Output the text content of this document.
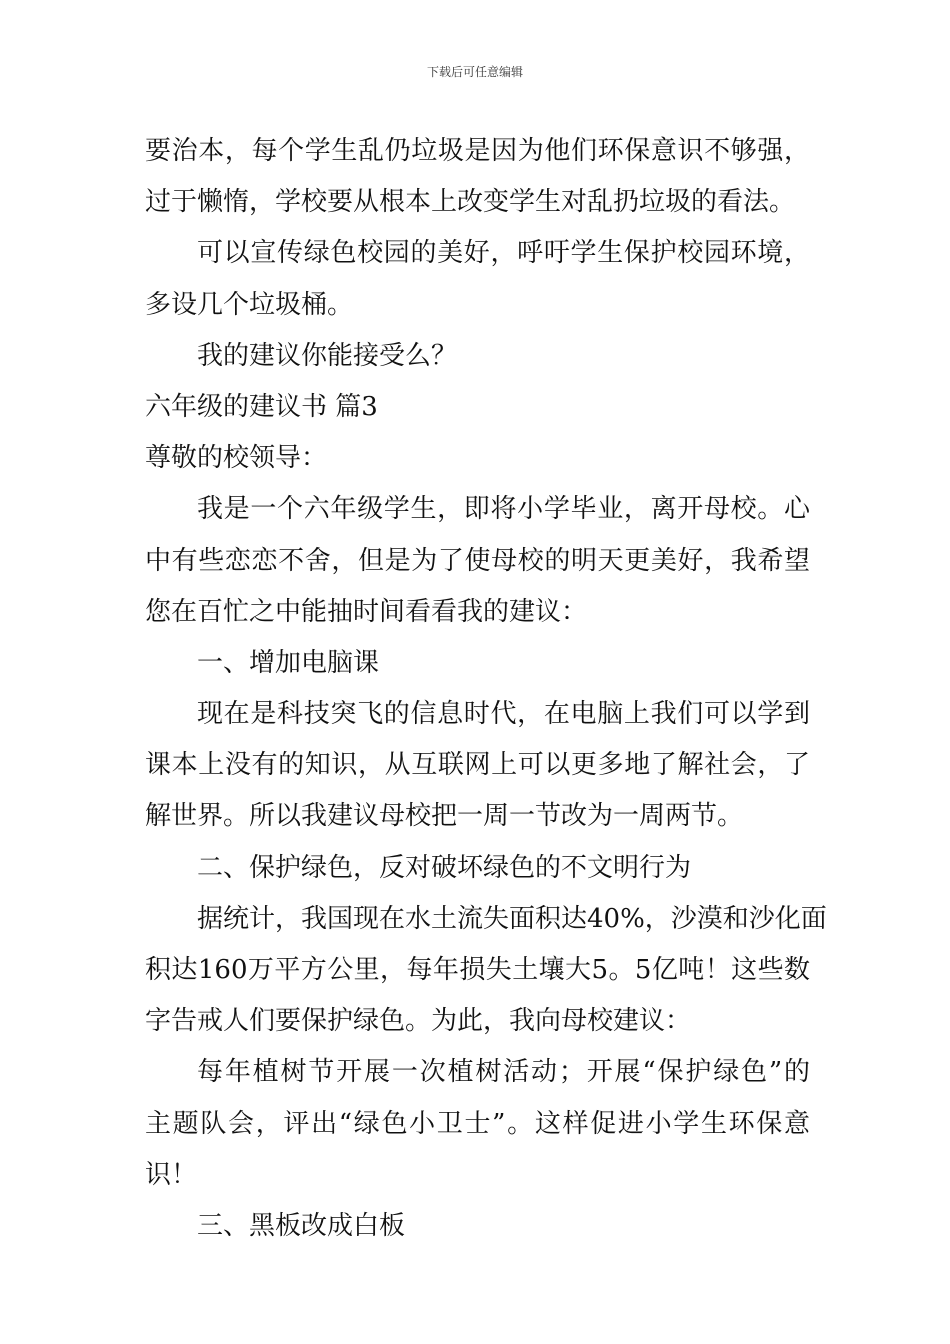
下载后可任意编辑
要治本，每个学生乱仍垃圾是因为他们环保意识不够强，
过于懒惰，学校要从根本上改变学生对乱扔垃圾的看法。
可以宣传绿色校园的美好，呼吁学生保护校园环境，
多设几个垃圾桶。
我的建议你能接受么？
六年级的建议书 篇3
尊敬的校领导：
我是一个六年级学生，即将小学毕业，离开母校。心
中有些恋恋不舍，但是为了使母校的明天更美好，我希望
您在百忙之中能抽时间看看我的建议：
一、增加电脑课
现在是科技突飞的信息时代，在电脑上我们可以学到
课本上没有的知识，从互联网上可以更多地了解社会，了
解世界。所以我建议母校把一周一节改为一周两节。
二、保护绿色，反对破坏绿色的不文明行为
据统计，我国现在水土流失面积达40%，沙漠和沙化面
积达160万平方公里，每年损失土壤大5。5亿吨！这些数
字告戒人们要保护绿色。为此，我向母校建议：
每年植树节开展一次植树活动；开展“保护绿色”的
主题队会，评出“绿色小卫士”。这样促进小学生环保意
识！
三、黑板改成白板
